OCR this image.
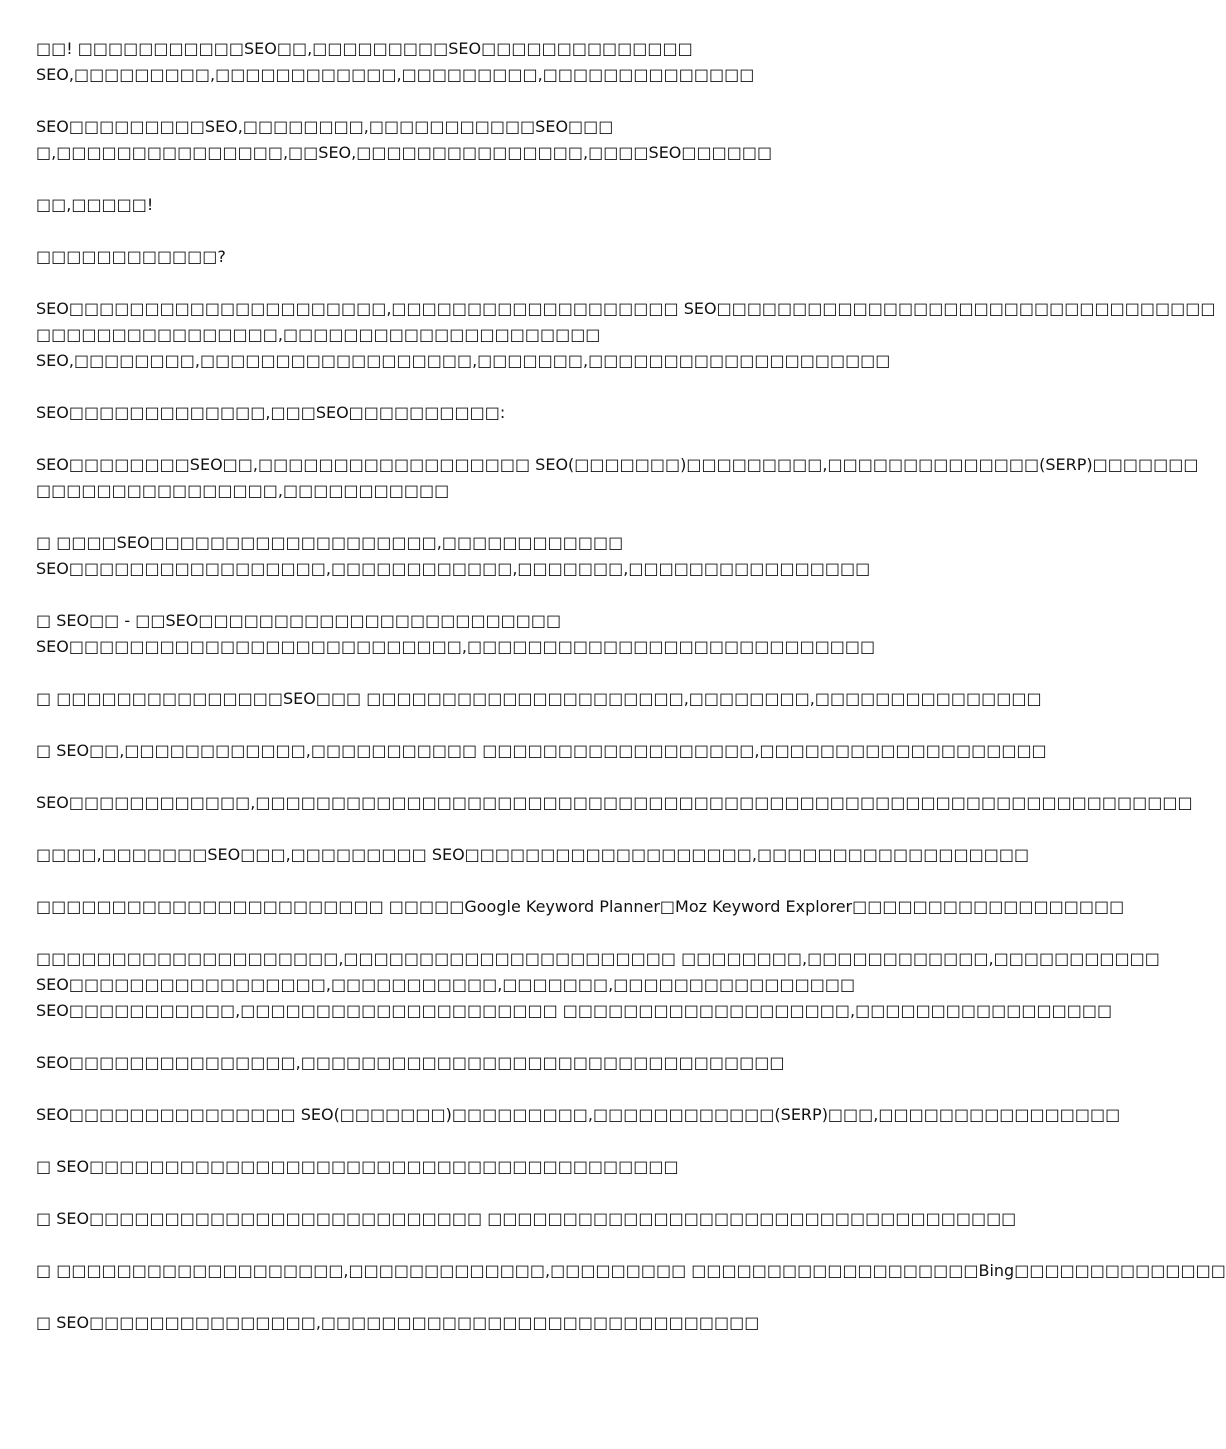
□□! □□□□□□□□□□□SEO□□,□□□□□□□□□SEO□□□□□□□□□□□□□□
SEO,□□□□□□□□□,□□□□□□□□□□□□,□□□□□□□□□,□□□□□□□□□□□□□□
SEO□□□□□□□□□SEO,□□□□□□□□,□□□□□□□□□□□SEO□□□
□,□□□□□□□□□□□□□□□,□□SEO,□□□□□□□□□□□□□□□,□□□□SEO□□□□□□
□□,□□□□□!
□□□□□□□□□□□□?
SEO□□□□□□□□□□□□□□□□□□□□□,□□□□□□□□□□□□□□□□□□□ SEO□□□□□□□□□□□□□□□□□□□□□□□□□□□□□□□□□
□□□□□□□□□□□□□□□□,□□□□□□□□□□□□□□□□□□□□□
SEO,□□□□□□□□,□□□□□□□□□□□□□□□□□□,□□□□□□□,□□□□□□□□□□□□□□□□□□□□
SEO□□□□□□□□□□□□□,□□□SEO□□□□□□□□□□:
SEO□□□□□□□□SEO□□,□□□□□□□□□□□□□□□□□□ SEO(□□□□□□□)□□□□□□□□□,□□□□□□□□□□□□□□(SERP)□□□□□□□
□□□□□□□□□□□□□□□□,□□□□□□□□□□□
□ □□□□SEO□□□□□□□□□□□□□□□□□□□,□□□□□□□□□□□□
SEO□□□□□□□□□□□□□□□□□,□□□□□□□□□□□□,□□□□□□□,□□□□□□□□□□□□□□□□
□ SEO□□ - □□SEO□□□□□□□□□□□□□□□□□□□□□□□□
SEO□□□□□□□□□□□□□□□□□□□□□□□□□□,□□□□□□□□□□□□□□□□□□□□□□□□□□□
□ □□□□□□□□□□□□□□□SEO□□□ □□□□□□□□□□□□□□□□□□□□□,□□□□□□□□,□□□□□□□□□□□□□□□
□ SEO□□,□□□□□□□□□□□□,□□□□□□□□□□□ □□□□□□□□□□□□□□□□□□,□□□□□□□□□□□□□□□□□□□
SEO□□□□□□□□□□□□,□□□□□□□□□□□□□□□□□□□□□□□□□□□□□□□□□□□□□□□□□□□□□□□□□□□□□□□□□□□□□□
□□□□,□□□□□□□SEO□□□,□□□□□□□□□ SEO□□□□□□□□□□□□□□□□□□□,□□□□□□□□□□□□□□□□□□
□□□□□□□□□□□□□□□□□□□□□□□ □□□□□Google Keyword Planner□Moz Keyword Explorer□□□□□□□□□□□□□□□□□□
□□□□□□□□□□□□□□□□□□□□,□□□□□□□□□□□□□□□□□□□□□□ □□□□□□□□,□□□□□□□□□□□□,□□□□□□□□□□□
SEO□□□□□□□□□□□□□□□□□,□□□□□□□□□□□,□□□□□□□,□□□□□□□□□□□□□□□□
SEO□□□□□□□□□□□,□□□□□□□□□□□□□□□□□□□□□ □□□□□□□□□□□□□□□□□□□,□□□□□□□□□□□□□□□□□
SEO□□□□□□□□□□□□□□□,□□□□□□□□□□□□□□□□□□□□□□□□□□□□□□□□
SEO□□□□□□□□□□□□□□□ SEO(□□□□□□□)□□□□□□□□□,□□□□□□□□□□□□(SERP)□□□,□□□□□□□□□□□□□□□□
□ SEO□□□□□□□□□□□□□□□□□□□□□□□□□□□□□□□□□□□□□□□
□ SEO□□□□□□□□□□□□□□□□□□□□□□□□□□ □□□□□□□□□□□□□□□□□□□□□□□□□□□□□□□□□□□
□ □□□□□□□□□□□□□□□□□□□,□□□□□□□□□□□□□,□□□□□□□□□ □□□□□□□□□□□□□□□□□□□Bing□□□□□□□□□□□□□□
□ SEO□□□□□□□□□□□□□□□,□□□□□□□□□□□□□□□□□□□□□□□□□□□□□
